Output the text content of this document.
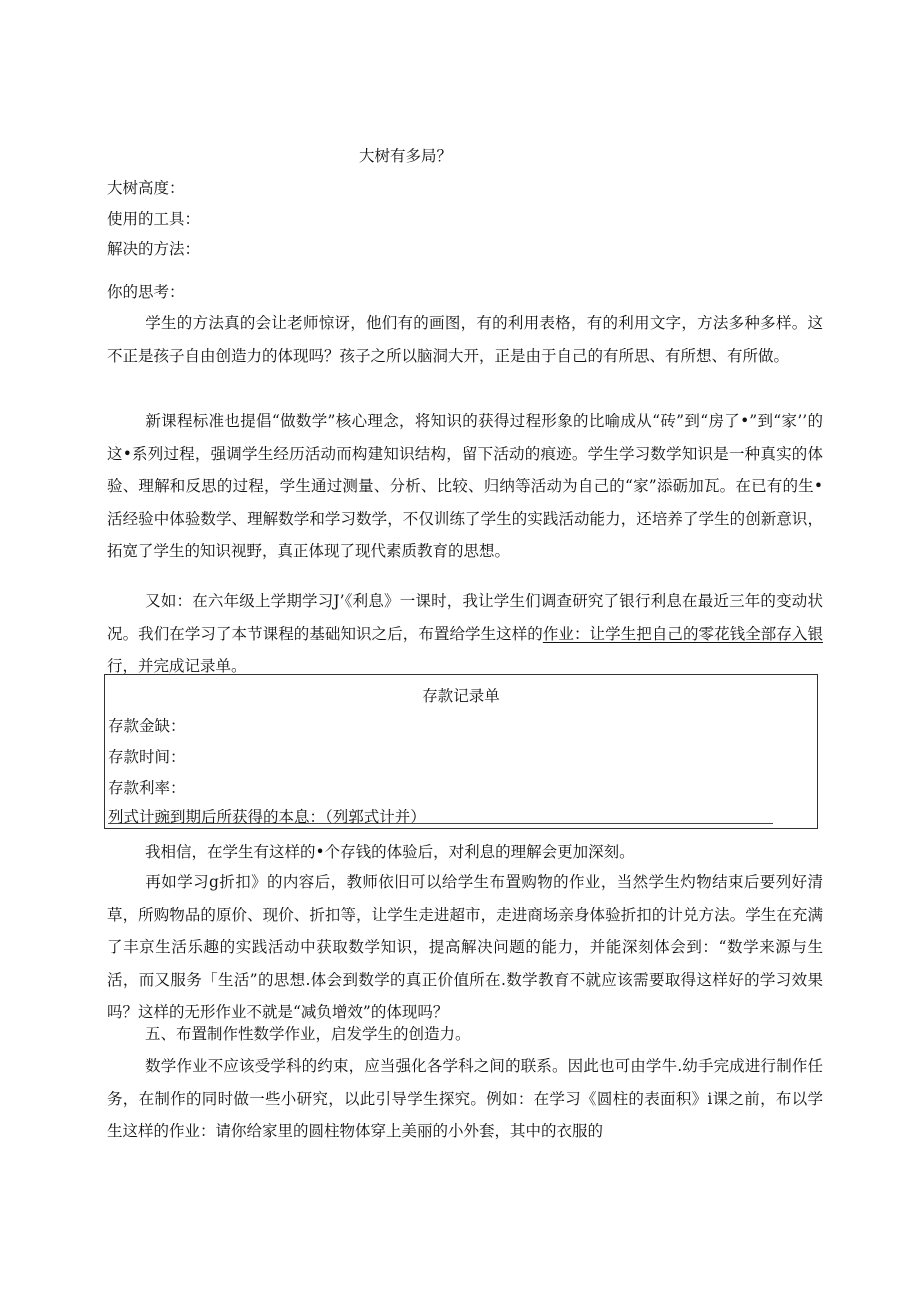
大树有多局？
大树高度：
使用的工具：
解决的方法：
你的思考：
学生的方法真的会让老师惊讶，他们有的画图，有的利用表格，有的利用文字，方法多种多样。这不正是孩子自由创造力的体现吗？孩子之所以脑洞大开，正是由于自己的有所思、有所想、有所做。
新课程标准也提倡“做数学”核心理念，将知识的获得过程形象的比喻成从“砖”到“房了•”到“家’’的这•系列过程，强调学生经历活动而构建知识结构，留下活动的痕迹。学生学习数学知识是一种真实的体验、理解和反思的过程，学生通过测量、分析、比较、归纳等活动为自己的“家”添砺加瓦。在已有的生•活经验中体验数学、理解数学和学习数学，不仅训练了学生的实践活动能力，还培养了学生的创新意识，拓宽了学生的知识视野，真正体现了现代素质教育的思想。
又如：在六年级上学期学习J’《利息》一课时，我让学生们调查研究了银行利息在最近三年的变动状况。我们在学习了本节课程的基础知识之后，布置给学生这样的作业：让学生把自己的零花钱全部存入银行，并完成记录单。
存款记录单
存款金缺：
存款时间：
存款利率：
列式计豌到期后所获得的本息：（列郭式计并）
我相信，在学生有这样的•个存钱的体验后，对利息的理解会更加深刻。
再如学习g折扣》的内容后，教师依旧可以给学生布置购物的作业，当然学生灼物结束后要列好清草，所购物品的原价、现价、折扣等，让学生走进超市，走进商场亲身体验折扣的计兑方法。学生在充满了丰京生活乐趣的实践活动中获取数学知识，提高解决问题的能力，并能深刻体会到：“数学来源与生活，而又服务「生活”的思想.体会到数学的真正价值所在.数学教育不就应该需要取得这样好的学习效果吗？这样的无形作业不就是“减负增效”的体现吗？
五、布置制作性数学作业，启发学生的创造力。
数学作业不应该受学科的约束，应当强化各学科之间的联系。因此也可由学牛.幼手完成进行制作任务，在制作的同时做一些小研究，以此引导学生探究。例如：在学习《圆柱的表面积》i课之前，布以学生这样的作业：请你给家里的圆柱物体穿上美丽的小外套，其中的衣服的
